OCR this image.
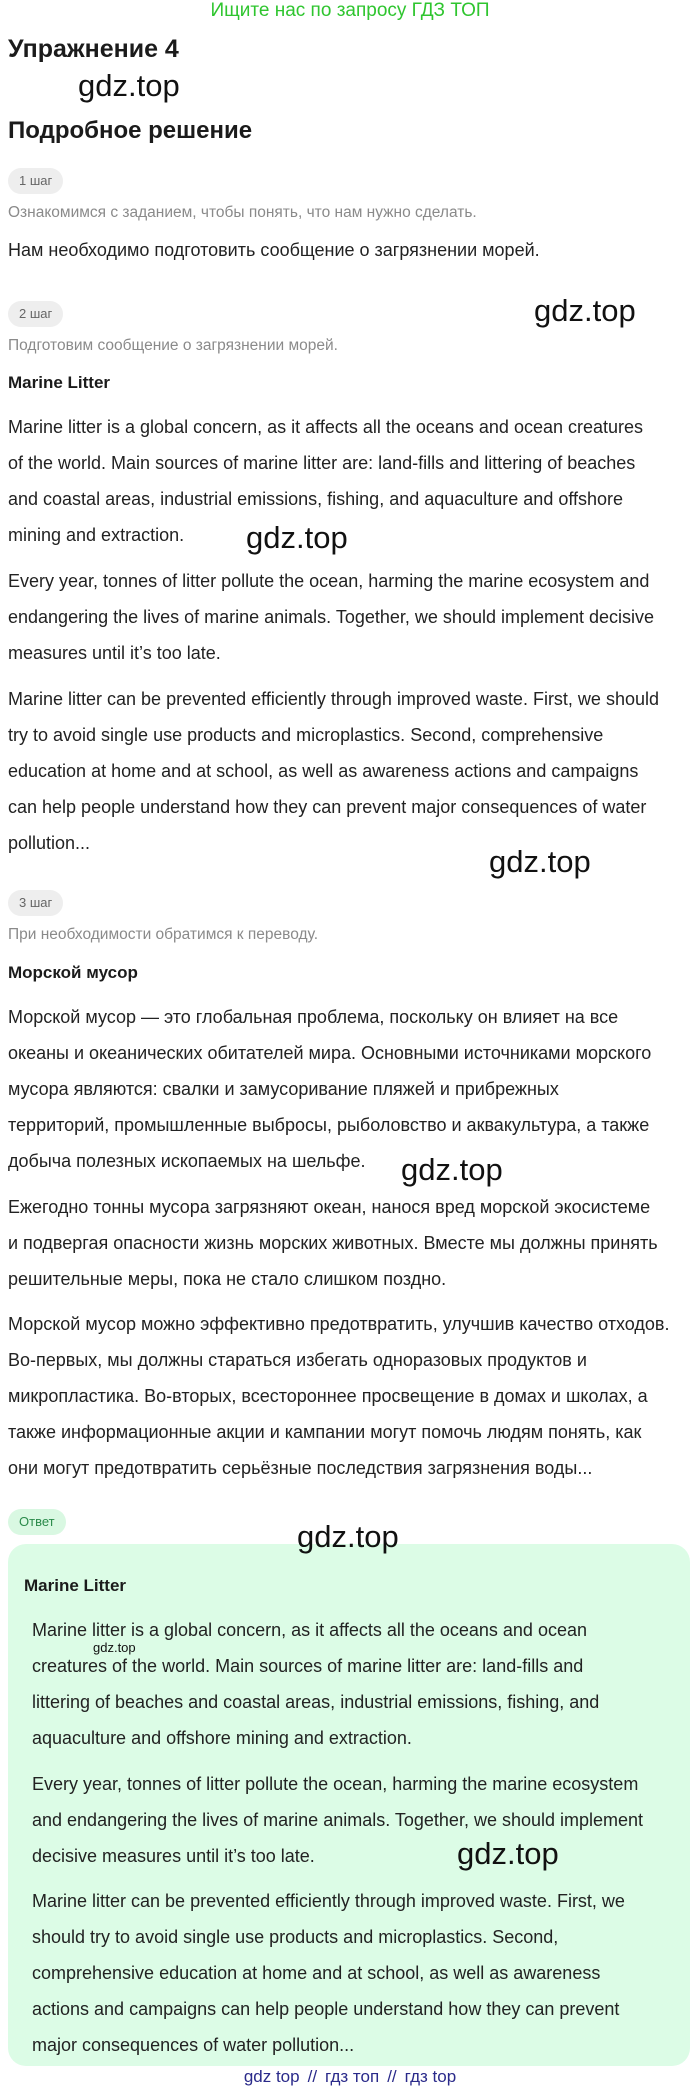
Ищите нас по запросу ГДЗ ТОП
Упражнение 4
gdz.top
Подробное решение
1 шаг
Ознакомимся с заданием, чтобы понять, что нам нужно сделать.
Нам необходимо подготовить сообщение о загрязнении морей.
2 шаг	gdz.top
Подготовим сообщение о загрязнении морей.
Marine Litter
Marine litter is a global concern, as it affects all the oceans and ocean creatures
of the world. Main sources of marine litter are: land-fills and littering of beaches
and coastal areas, industrial emissions, fishing, and aquaculture and offshore
mining and extraction.	gdz.top
Every year, tonnes of litter pollute the ocean, harming the marine ecosystem and
endangering the lives of marine animals. Together, we should implement decisive
measures until it’s too late.
Marine litter can be prevented efficiently through improved waste. First, we should
try to avoid single use products and microplastics. Second, comprehensive
education at home and at school, as well as awareness actions and campaigns
can help people understand how they can prevent major consequences of water
pollution...
gdz.top
3 шаг
При необходимости обратимся к переводу.
Морской мусор
Морской мусор — это глобальная проблема, поскольку он влияет на все
океаны и океанических обитателей мира. Основными источниками морского
мусора являются: свалки и замусоривание пляжей и прибрежных
территорий, промышленные выбросы, рыболовство и аквакультура, а также
добыча полезных ископаемых на шельфе.	gdz.top
Ежегодно тонны мусора загрязняют океан, нанося вред морской экосистеме
и подвергая опасности жизнь морских животных. Вместе мы должны принять
решительные меры, пока не стало слишком поздно.
Морской мусор можно эффективно предотвратить, улучшив качество отходов.
Во-первых, мы должны стараться избегать одноразовых продуктов и
микропластика. Во-вторых, всестороннее просвещение в домах и школах, а
также информационные акции и кампании могут помочь людям понять, как
они могут предотвратить серьёзные последствия загрязнения воды...
Ответ	gdz.top
Marine Litter
Marine litter is a global concern, as it affects all the oceans and ocean
creatures of the world. Main sources of marine litter are: land-fills and
littering of beaches and coastal areas, industrial emissions, fishing, and
aquaculture and offshore mining and extraction.
gdz.top
Every year, tonnes of litter pollute the ocean, harming the marine ecosystem
and endangering the lives of marine animals. Together, we should implement
decisive measures until it’s too late.	gdz.top
Marine litter can be prevented efficiently through improved waste. First, we
should try to avoid single use products and microplastics. Second,
comprehensive education at home and at school, as well as awareness
actions and campaigns can help people understand how they can prevent
major consequences of water pollution...
gdz top // гдз топ // гдз top
